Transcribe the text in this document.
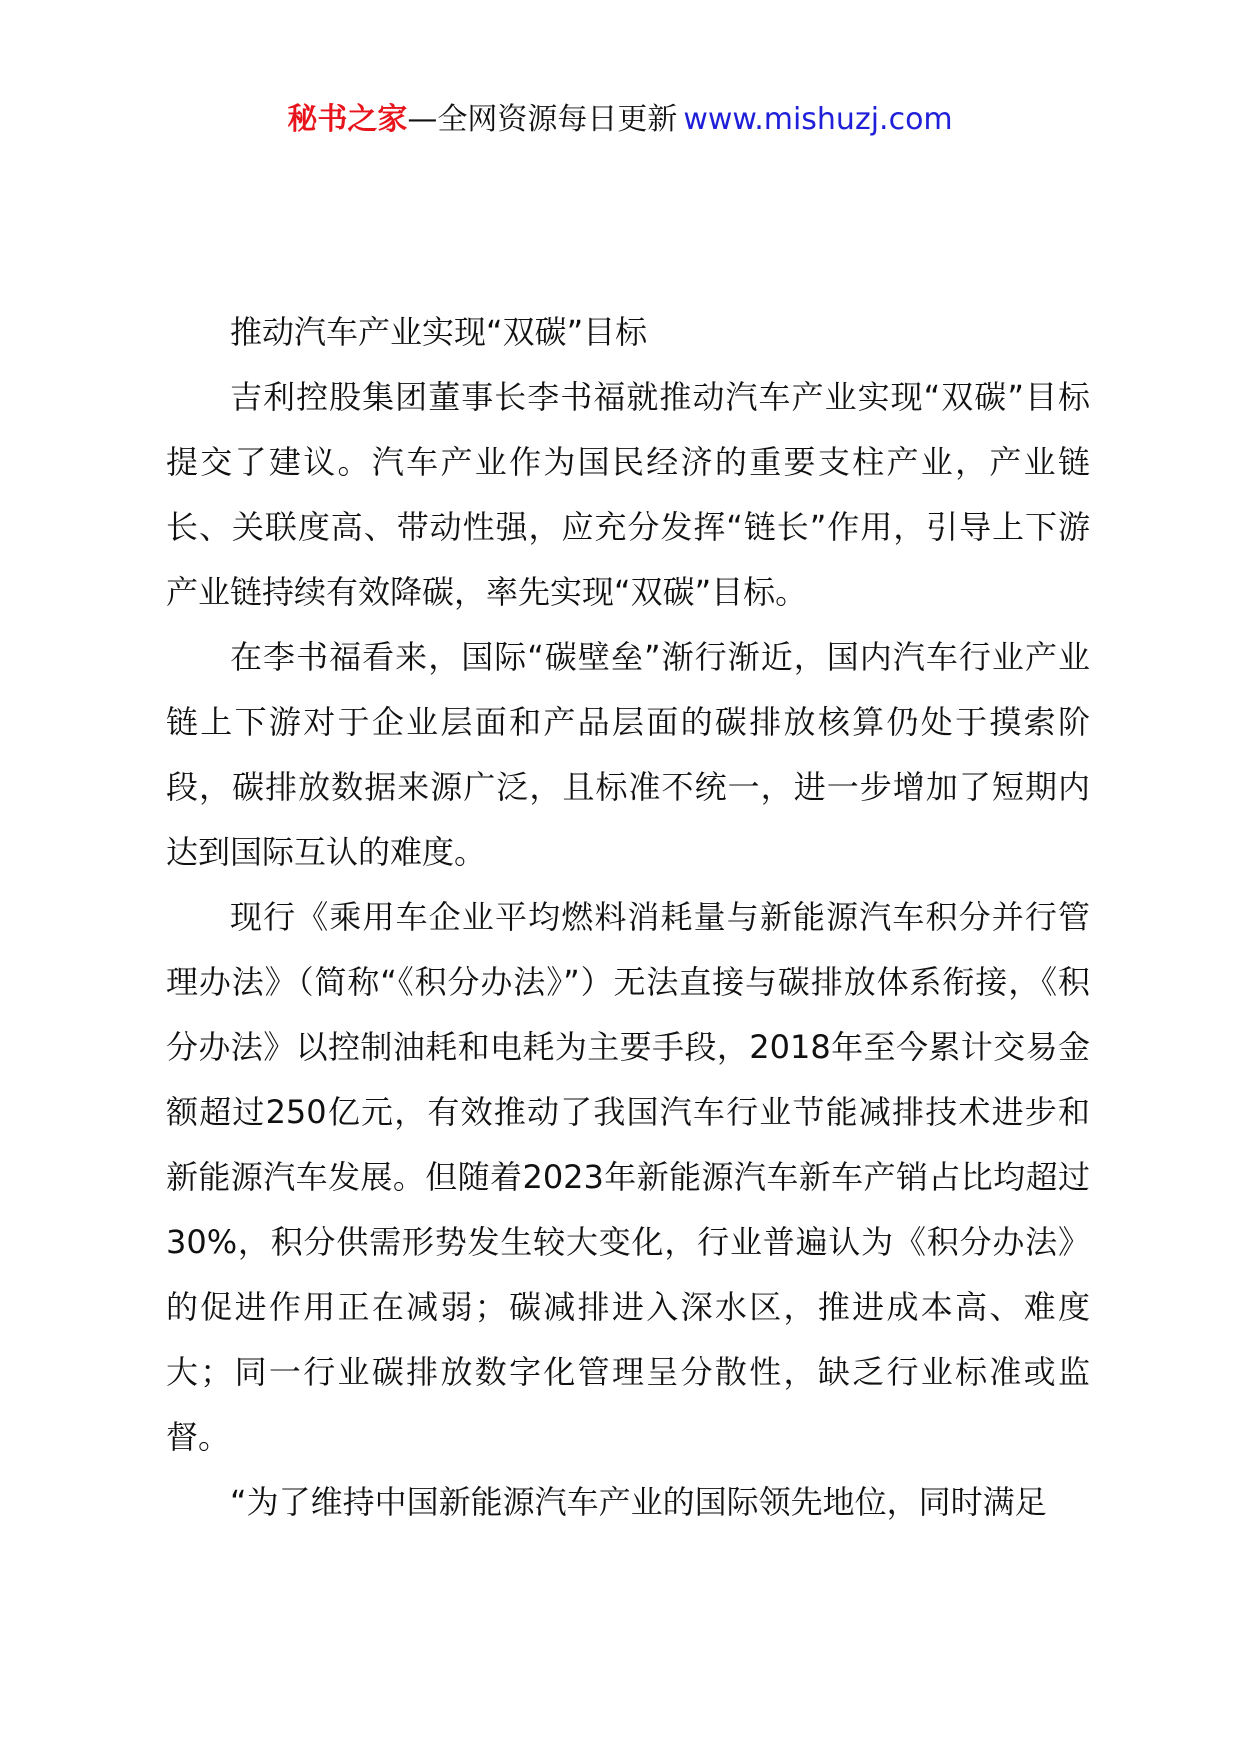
秘书之家—全网资源每日更新 www.mishuzj.com

推动汽车产业实现“双碳”目标

吉利控股集团董事长李书福就推动汽车产业实现“双碳”目标提交了建议。汽车产业作为国民经济的重要支柱产业，产业链长、关联度高、带动性强，应充分发挥“链长”作用，引导上下游产业链持续有效降碳，率先实现“双碳”目标。

在李书福看来，国际“碳壁垒”渐行渐近，国内汽车行业产业链上下游对于企业层面和产品层面的碳排放核算仍处于摸索阶段，碳排放数据来源广泛，且标准不统一，进一步增加了短期内达到国际互认的难度。

现行《乘用车企业平均燃料消耗量与新能源汽车积分并行管理办法》（简称“《积分办法》”）无法直接与碳排放体系衔接，《积分办法》以控制油耗和电耗为主要手段，2018年至今累计交易金额超过250亿元，有效推动了我国汽车行业节能减排技术进步和新能源汽车发展。但随着2023年新能源汽车新车产销占比均超过30%，积分供需形势发生较大变化，行业普遍认为《积分办法》的促进作用正在减弱；碳减排进入深水区，推进成本高、难度大；同一行业碳排放数字化管理呈分散性，缺乏行业标准或监督。

“为了维持中国新能源汽车产业的国际领先地位，同时满足
